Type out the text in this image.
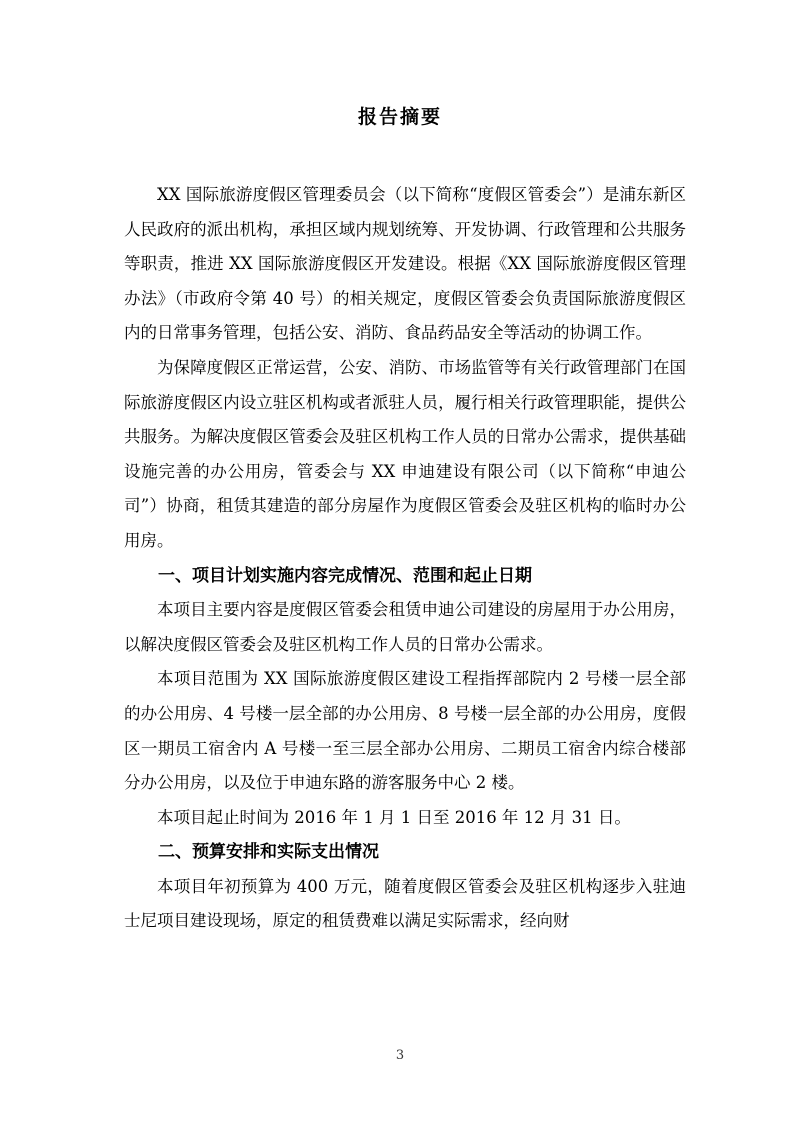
报告摘要

XX 国际旅游度假区管理委员会（以下简称“度假区管委会”）是浦东新区人民政府的派出机构，承担区域内规划统筹、开发协调、行政管理和公共服务等职责，推进 XX 国际旅游度假区开发建设。根据《XX 国际旅游度假区管理办法》（市政府令第 40 号）的相关规定，度假区管委会负责国际旅游度假区内的日常事务管理，包括公安、消防、食品药品安全等活动的协调工作。

为保障度假区正常运营，公安、消防、市场监管等有关行政管理部门在国际旅游度假区内设立驻区机构或者派驻人员，履行相关行政管理职能，提供公共服务。为解决度假区管委会及驻区机构工作人员的日常办公需求，提供基础设施完善的办公用房，管委会与 XX 申迪建设有限公司（以下简称“申迪公司”）协商，租赁其建造的部分房屋作为度假区管委会及驻区机构的临时办公用房。

一、项目计划实施内容完成情况、范围和起止日期

本项目主要内容是度假区管委会租赁申迪公司建设的房屋用于办公用房，以解决度假区管委会及驻区机构工作人员的日常办公需求。

本项目范围为 XX 国际旅游度假区建设工程指挥部院内 2 号楼一层全部的办公用房、4 号楼一层全部的办公用房、8 号楼一层全部的办公用房，度假区一期员工宿舍内 A 号楼一至三层全部办公用房、二期员工宿舍内综合楼部分办公用房，以及位于申迪东路的游客服务中心 2 楼。

本项目起止时间为 2016 年 1 月 1 日至 2016 年 12 月 31 日。

二、预算安排和实际支出情况

本项目年初预算为 400 万元，随着度假区管委会及驻区机构逐步入驻迪士尼项目建设现场，原定的租赁费难以满足实际需求，经向财

3
